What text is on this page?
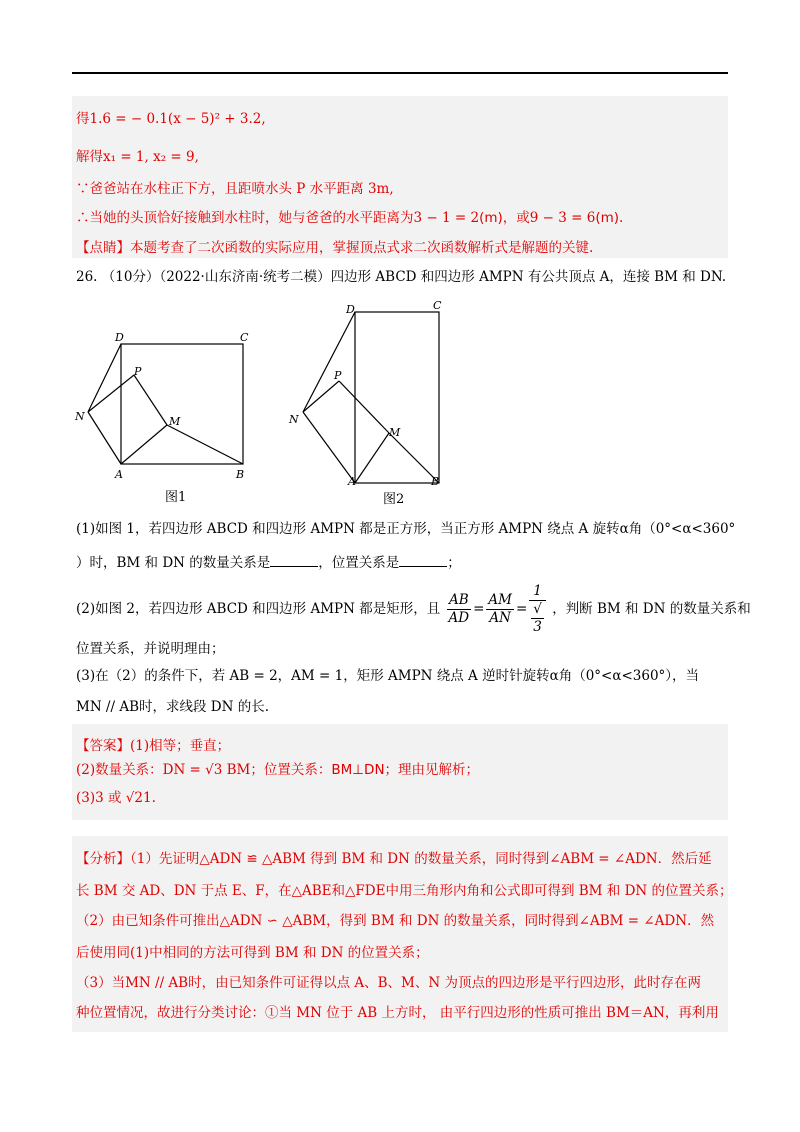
得1.6 = − 0.1(x − 5)² + 3.2,
解得x₁ = 1, x₂ = 9,
∵爸爸站在水柱正下方，且距喷水头 P 水平距离 3m,
∴当她的头顶恰好接触到水柱时，她与爸爸的水平距离为3 − 1 = 2(m)，或9 − 3 = 6(m).
【点睛】本题考查了二次函数的实际应用，掌握顶点式求二次函数解析式是解题的关键.
26. （10分）（2022·山东济南·统考二模）四边形 ABCD 和四边形 AMPN 有公共顶点 A，连接 BM 和 DN.
D	C
P
N	M
A	B
图1
D	C
P
N
M
A	B
图2
(1)如图 1，若四边形 ABCD 和四边形 AMPN 都是正方形，当正方形 AMPN 绕点 A 旋转α角（0°<α<360°
）时，BM 和 DN 的数量关系是	，位置关系是	；
(2)如图 2，若四边形 ABCD 和四边形 AMPN 都是矩形，且 $\frac{AB}{AD} = \frac{AM}{AN} = 1$
√
3 ，判断 BM 和 DN 的数量关系和
位置关系，并说明理由；
(3)在（2）的条件下，若 AB = 2，AM = 1，矩形 AMPN 绕点 A 逆时针旋转α角（0°<α<360°），当
MN // AB时，求线段 DN 的长.
【答案】(1)相等；垂直；
(2)数量关系：DN = √3 BM；位置关系：BM⊥DN；理由见解析；
(3)3 或 √21.
【分析】（1）先证明△ADN ≌ △ABM 得到 BM 和 DN 的数量关系，同时得到∠ABM = ∠ADN．然后延
长 BM 交 AD、DN 于点 E、F，在△ABE和△FDE中用三角形内角和公式即可得到 BM 和 DN 的位置关系；
（2）由已知条件可推出△ADN ∽ △ABM，得到 BM 和 DN 的数量关系，同时得到∠ABM = ∠ADN．然
后使用同(1)中相同的方法可得到 BM 和 DN 的位置关系；
（3）当MN // AB时，由已知条件可证得以点 A、B、M、N 为顶点的四边形是平行四边形，此时存在两
种位置情况，故进行分类讨论：①当 MN 位于 AB 上方时， 由平行四边形的性质可推出 BM＝AN，再利用
